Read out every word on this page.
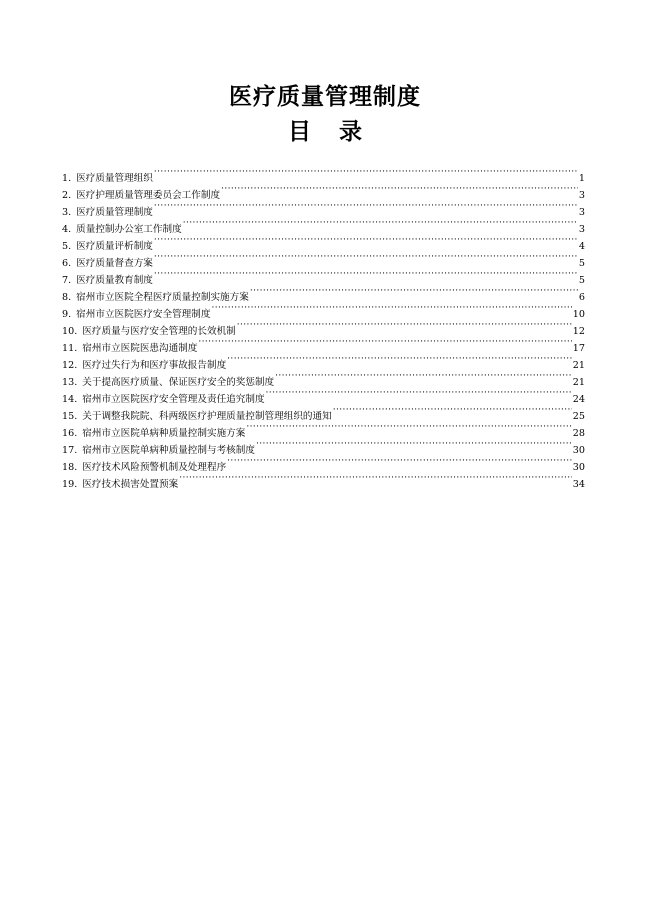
医疗质量管理制度
目 录
1. 医疗质量管理组织 ·····	1
2. 医疗护理质量管理委员会工作制度 ·····	3
3. 医疗质量管理制度 ·····	3
4. 质量控制办公室工作制度 ·····	3
5. 医疗质量评析制度 ·····	4
6. 医疗质量督查方案 ·····	5
7. 医疗质量教育制度 ·····	5
8. 宿州市立医院全程医疗质量控制实施方案 ·····	6
9. 宿州市立医院医疗安全管理制度 ·····	10
10. 医疗质量与医疗安全管理的长效机制 ·····	12
11. 宿州市立医院医患沟通制度 ·····	17
12. 医疗过失行为和医疗事故报告制度 ·····	21
13. 关于提高医疗质量、保证医疗安全的奖惩制度 ·····	21
14. 宿州市立医院医疗安全管理及责任追究制度 ·····	24
15. 关于调整我院院、科两级医疗护理质量控制管理组织的通知 ·····	25
16. 宿州市立医院单病种质量控制实施方案 ·····	28
17. 宿州市立医院单病种质量控制与考核制度 ·····	30
18. 医疗技术风险预警机制及处理程序 ·····	30
19. 医疗技术损害处置预案 ·····	34
